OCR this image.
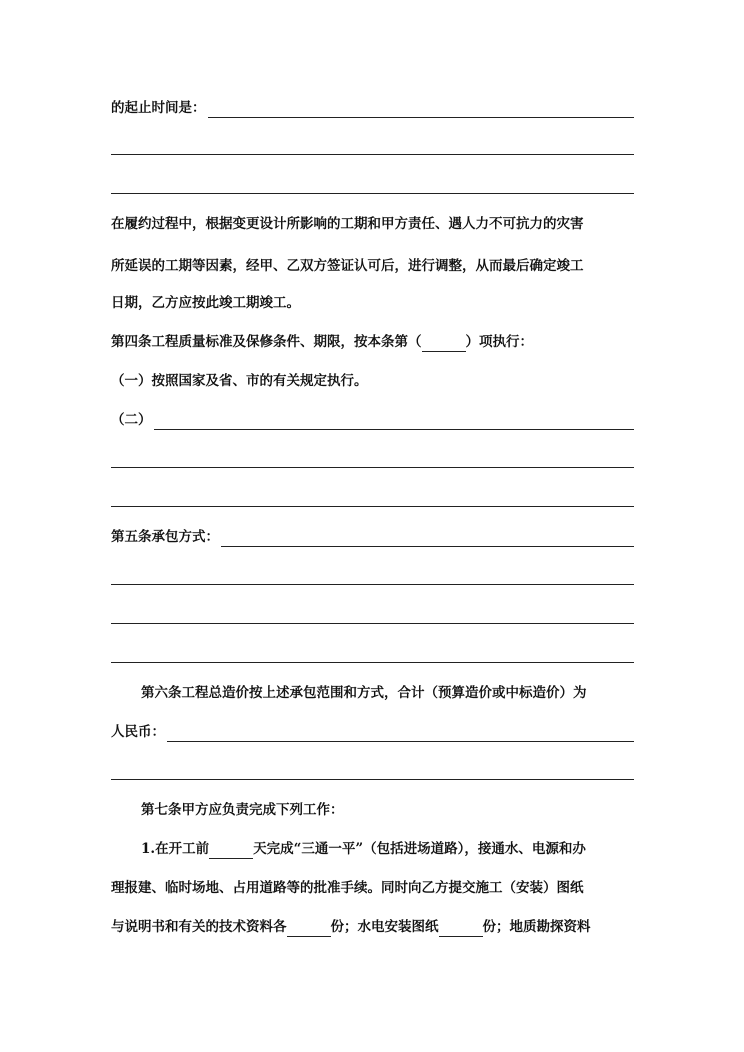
的起止时间是：
在履约过程中，根据变更设计所影响的工期和甲方责任、遇人力不可抗力的灾害
所延误的工期等因素，经甲、乙双方签证认可后，进行调整，从而最后确定竣工
日期，乙方应按此竣工期竣工。
第四条工程质量标准及保修条件、期限，按本条第（	）项执行：
（一）按照国家及省、市的有关规定执行。
（二）
第五条承包方式：
第六条工程总造价按上述承包范围和方式，合计（预算造价或中标造价）为
人民币：
第七条甲方应负责完成下列工作：
1.在开工前	天完成“三通一平”（包括进场道路），接通水、电源和办
理报建、临时场地、占用道路等的批准手续。同时向乙方提交施工（安装）图纸
与说明书和有关的技术资料各	份；水电安装图纸	份；地质勘探资料
